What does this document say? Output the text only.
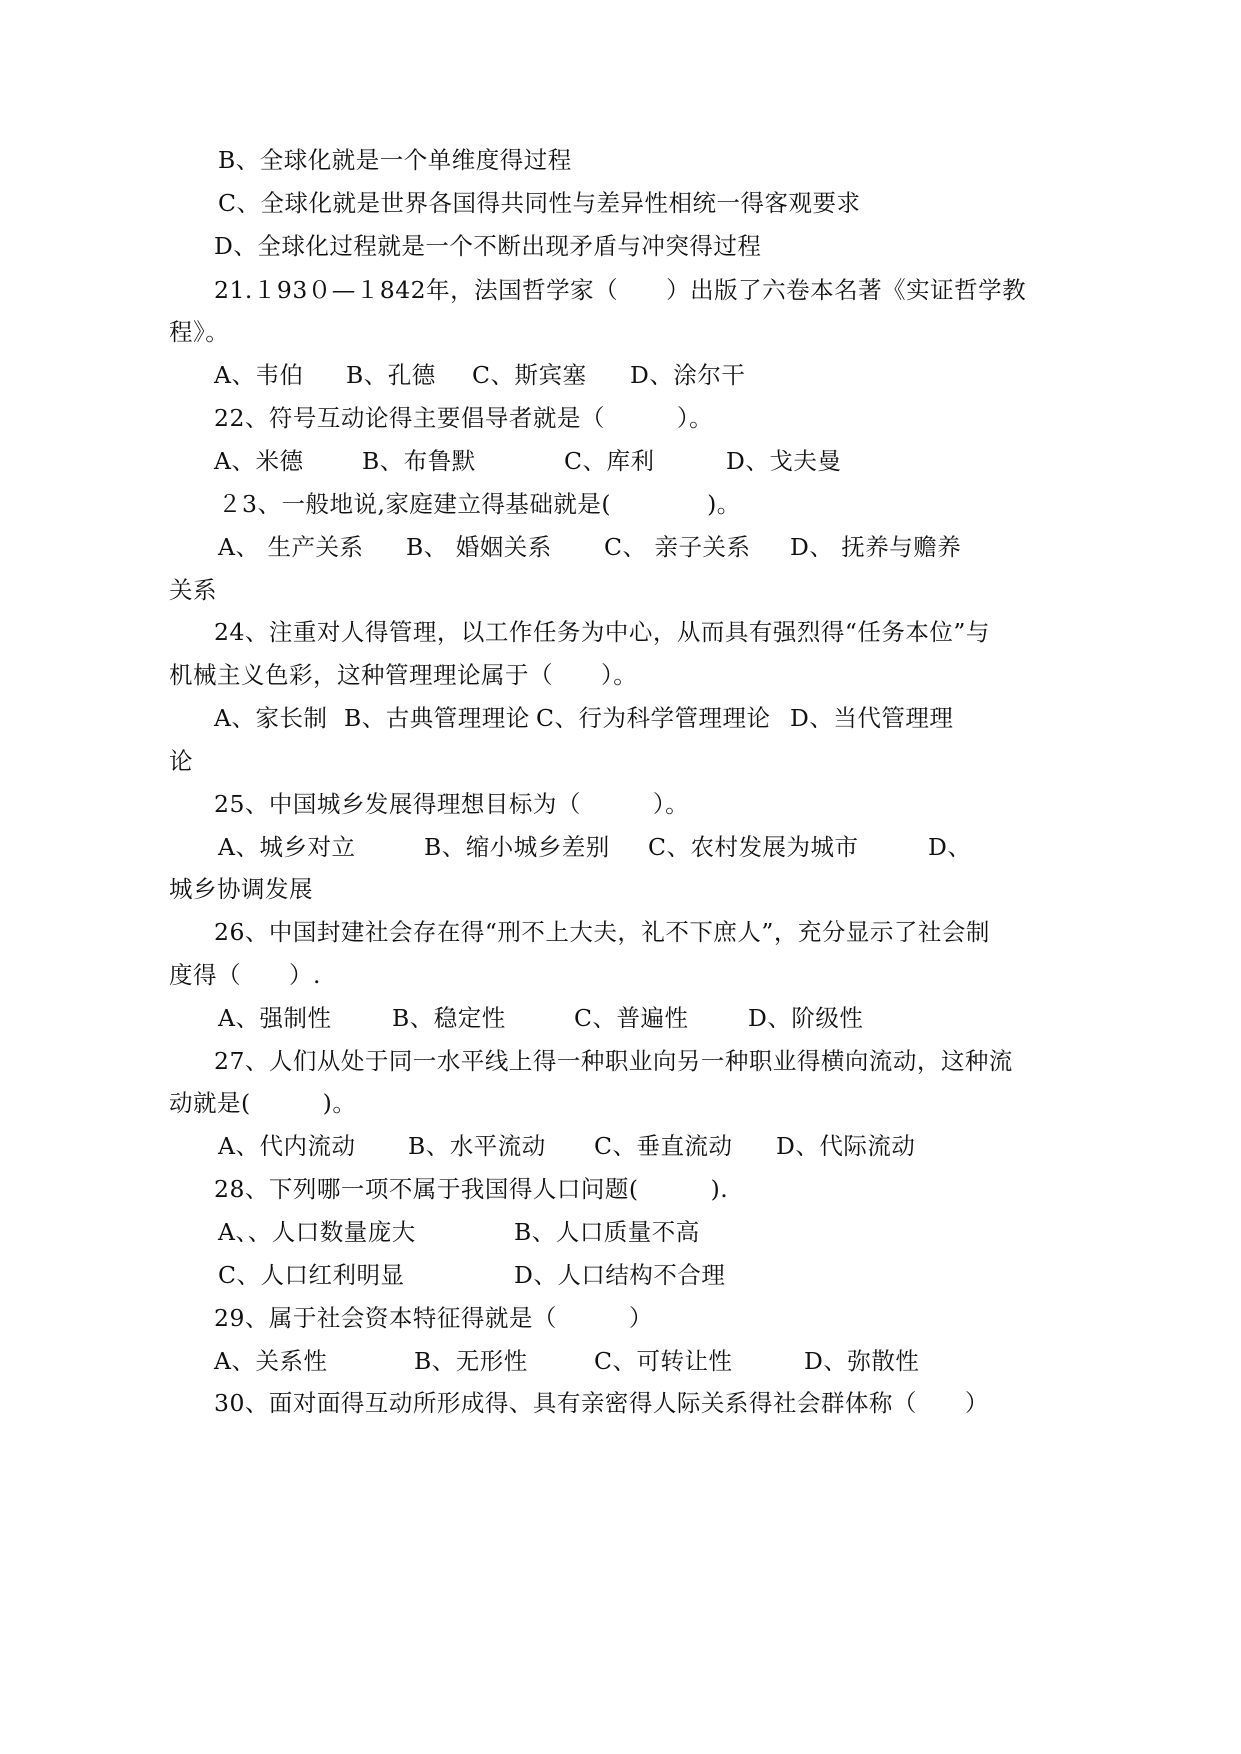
B、全球化就是一个单维度得过程
C、全球化就是世界各国得共同性与差异性相统一得客观要求
D、全球化过程就是一个不断出现矛盾与冲突得过程
21.１93０—１842年，法国哲学家（　　）出版了六卷本名著《实证哲学教
程》。

A、韦伯

B、孔德

C、斯宾塞

D、涂尔干

22、符号互动论得主要倡导者就是（　　　）。

A、米德

B、布鲁默

	C、库利

	D、戈夫曼

２3、一般地说,家庭建立得基础就是(　　　　)。

A、 生产关系

B、 婚姻关系

C、 亲子关系

D、 抚养与赡养

关系
24、注重对人得管理，以工作任务为中心，从而具有强烈得“任务本位”与
机械主义色彩，这种管理理论属于（　　）。

A、家长制

B、古典管理理论

C、行为科学管理理论

D、当代管理理

论
25、中国城乡发展得理想目标为（　　　）。

A、城乡对立

	B、缩小城乡差别

C、农村发展为城市

	D、

城乡协调发展
26、中国封建社会存在得“刑不上大夫，礼不下庶人”，充分显示了社会制
度得（　　）.

A、强制性

	B、稳定性

	C、普遍性

	D、阶级性

27、人们从处于同一水平线上得一种职业向另一种职业得横向流动，这种流
动就是(　　　)。

A、代内流动

B、水平流动

C、垂直流动

D、代际流动

28、下列哪一项不属于我国得人口问题(　　　).

A、、人口数量庞大

	B、人口质量不高

C、人口红利明显

	D、人口结构不合理

29、属于社会资本特征得就是（　　　）

A、关系性

	B、无形性

	C、可转让性

	D、弥散性

30、面对面得互动所形成得、具有亲密得人际关系得社会群体称（　　）
